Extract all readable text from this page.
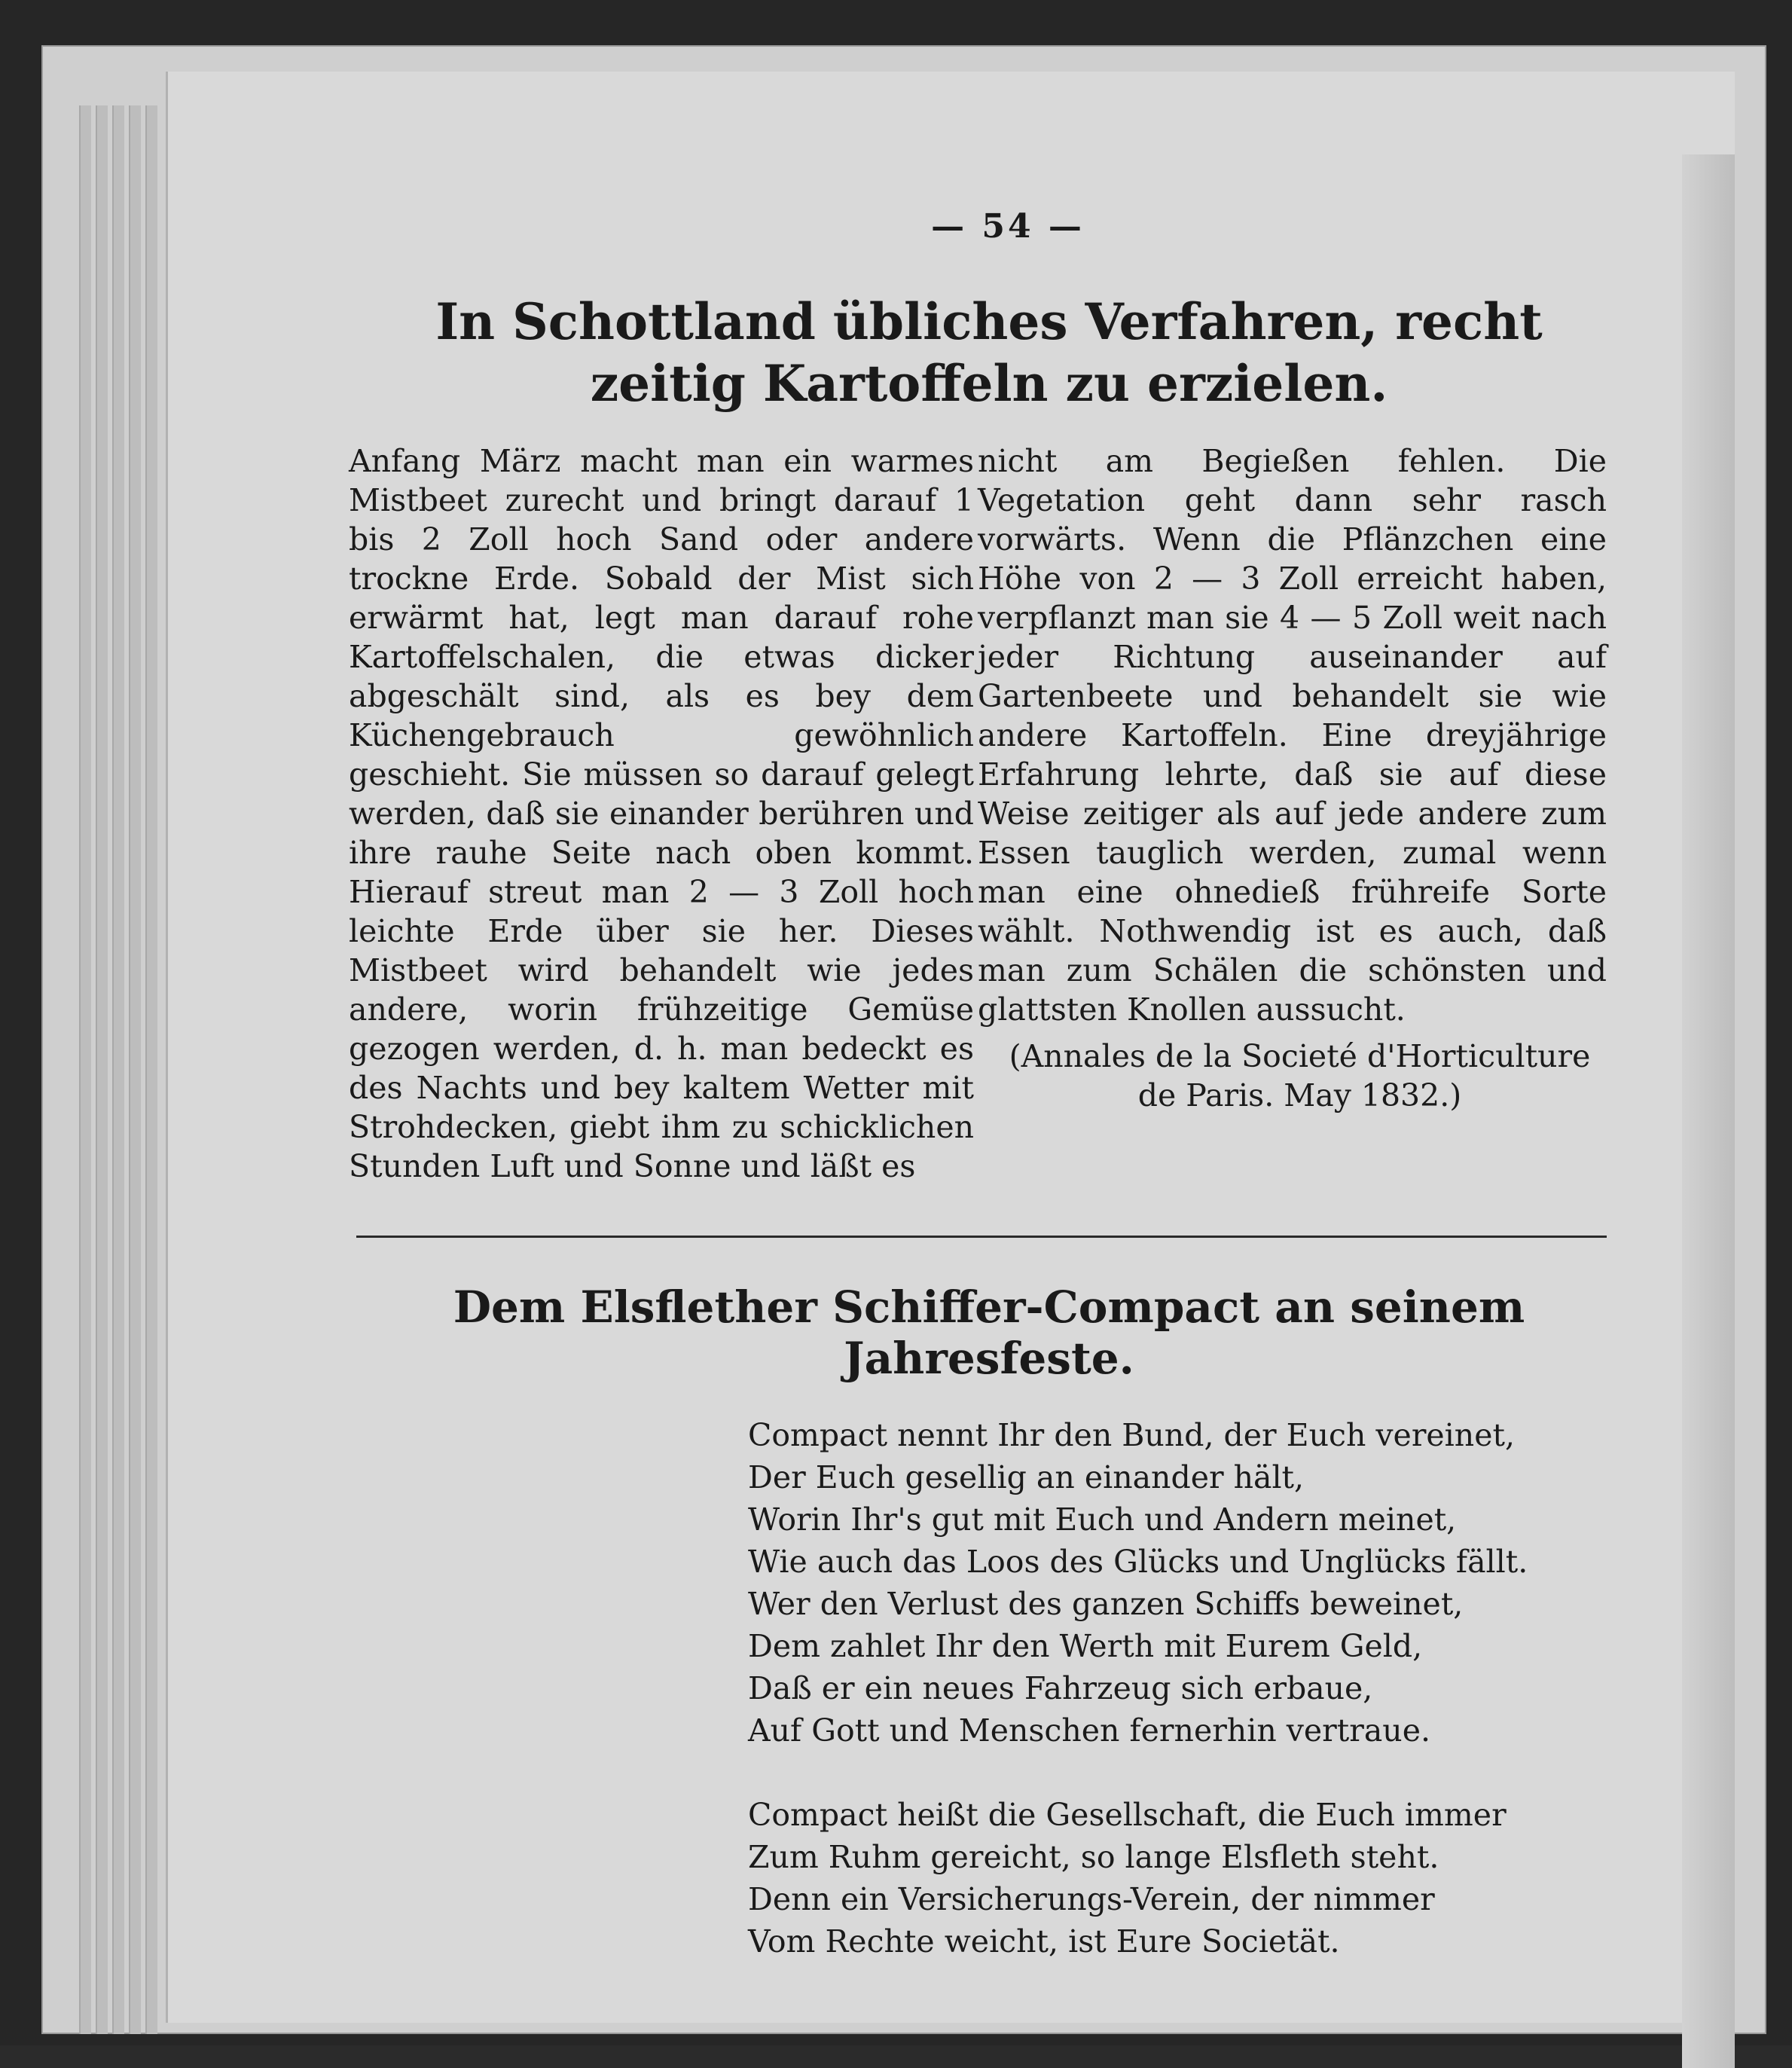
— 54 —
In Schottland übliches Verfahren, recht zeitig Kartoffeln zu erzielen.

Anfang März macht man ein warmes Mistbeet zurecht und bringt darauf 1 bis 2 Zoll hoch Sand oder andere trockne Erde. Sobald der Mist sich erwärmt hat, legt man darauf rohe Kartoffelschalen, die etwas dicker abgeschält sind, als es bey dem Küchengebrauch gewöhnlich geschieht. Sie müssen so darauf gelegt werden, daß sie einander berühren und ihre rauhe Seite nach oben kommt. Hierauf streut man 2 — 3 Zoll hoch leichte Erde über sie her. Dieses Mistbeet wird behandelt wie jedes andere, worin frühzeitige Gemüse gezogen werden, d. h. man bedeckt es des Nachts und bey kaltem Wetter mit Strohdecken, giebt ihm zu schicklichen Stunden Luft und Sonne und läßt es

nicht am Begießen fehlen. Die Vegetation geht dann sehr rasch vorwärts. Wenn die Pflänzchen eine Höhe von 2 — 3 Zoll erreicht haben, verpflanzt man sie 4 — 5 Zoll weit nach jeder Richtung auseinander auf Gartenbeete und behandelt sie wie andere Kartoffeln. Eine dreyjährige Erfahrung lehrte, daß sie auf diese Weise zeitiger als auf jede andere zum Essen tauglich werden, zumal wenn man eine ohnedieß frühreife Sorte wählt. Nothwendig ist es auch, daß man zum Schälen die schönsten und glattsten Knollen aussucht.

(Annales de la Societé d'Horticulture de Paris. May 1832.)
Dem Elsflether Schiffer-Compact an seinem Jahresfeste.
Compact nennt Ihr den Bund, der Euch vereinet,
Der Euch gesellig an einander hält,
Worin Ihr's gut mit Euch und Andern meinet,
Wie auch das Loos des Glücks und Unglücks fällt.
Wer den Verlust des ganzen Schiffs beweinet,
Dem zahlet Ihr den Werth mit Eurem Geld,
Daß er ein neues Fahrzeug sich erbaue,
Auf Gott und Menschen fernerhin vertraue.
Compact heißt die Gesellschaft, die Euch immer
Zum Ruhm gereicht, so lange Elsfleth steht.
Denn ein Versicherungs-Verein, der nimmer
Vom Rechte weicht, ist Eure Societät.
